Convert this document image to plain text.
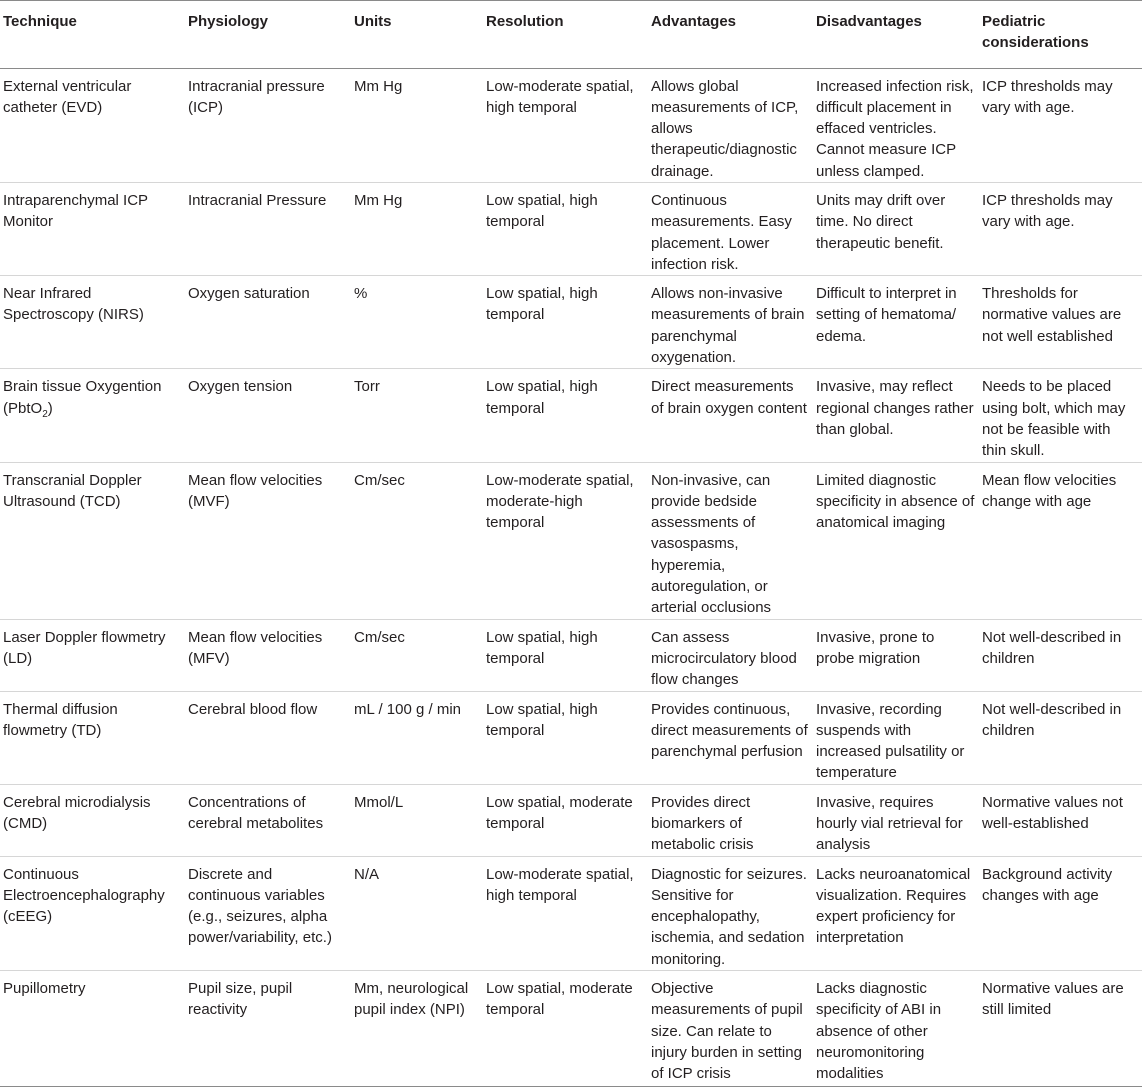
Technique	Physiology	Units	Resolution	Advantages	Disadvantages	Pediatric considerations
External ventricular catheter (EVD)	Intracranial pressure (ICP)	Mm Hg	Low-moderate spatial, high temporal	Allows global measurements of ICP, allows therapeutic/diagnostic drainage.	Increased infection risk, difficult placement in effaced ventricles. Cannot measure ICP unless clamped.	ICP thresholds may vary with age.
Intraparenchymal ICP Monitor	Intracranial Pressure	Mm Hg	Low spatial, high temporal	Continuous measurements. Easy placement. Lower infection risk.	Units may drift over time. No direct therapeutic benefit.	ICP thresholds may vary with age.
Near Infrared Spectroscopy (NIRS)	Oxygen saturation	%	Low spatial, high temporal	Allows non-invasive measurements of brain parenchymal oxygenation.	Difficult to interpret in setting of hematoma/ edema.	Thresholds for normative values are not well established
Brain tissue Oxygention (PbtO$_2$)	Oxygen tension	Torr	Low spatial, high temporal	Direct measurements of brain oxygen content	Invasive, may reflect regional changes rather than global.	Needs to be placed using bolt, which may not be feasible with thin skull.
Transcranial Doppler Ultrasound (TCD)	Mean flow velocities (MVF)	Cm/sec	Low-moderate spatial, moderate-high temporal	Non-invasive, can provide bedside assessments of vasospasms, hyperemia, autoregulation, or arterial occlusions	Limited diagnostic specificity in absence of anatomical imaging	Mean flow velocities change with age
Laser Doppler flowmetry (LD)	Mean flow velocities (MFV)	Cm/sec	Low spatial, high temporal	Can assess microcirculatory blood flow changes	Invasive, prone to probe migration	Not well-described in children
Thermal diffusion flowmetry (TD)	Cerebral blood flow	mL / 100 g / min	Low spatial, high temporal	Provides continuous, direct measurements of parenchymal perfusion	Invasive, recording suspends with increased pulsatility or temperature	Not well-described in children
Cerebral microdialysis (CMD)	Concentrations of cerebral metabolites	Mmol/L	Low spatial, moderate temporal	Provides direct biomarkers of metabolic crisis	Invasive, requires hourly vial retrieval for analysis	Normative values not well-established
Continuous Electroencephalography (cEEG)	Discrete and continuous variables (e.g., seizures, alpha power/variability, etc.)	N/A	Low-moderate spatial, high temporal	Diagnostic for seizures. Sensitive for encephalopathy, ischemia, and sedation monitoring.	Lacks neuroanatomical visualization. Requires expert proficiency for interpretation	Background activity changes with age
Pupillometry	Pupil size, pupil reactivity	Mm, neurological pupil index (NPI)	Low spatial, moderate temporal	Objective measurements of pupil size. Can relate to injury burden in setting of ICP crisis	Lacks diagnostic specificity of ABI in absence of other neuromonitoring modalities	Normative values are still limited
